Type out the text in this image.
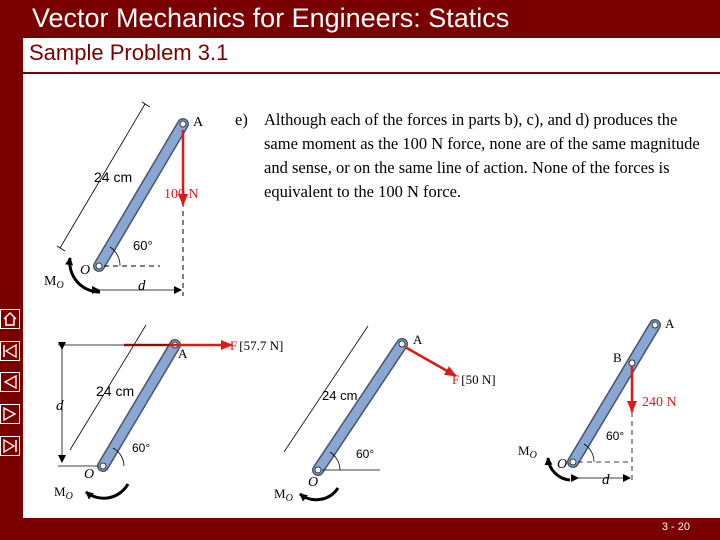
Vector Mechanics for Engineers: Statics
Sample Problem 3.1
A
24 cm
100 N
60°
O
$M_O$	d
F [57.7 N]
A
24 cm
60°
O
$M_O$
d
F [50 N]
A
24 cm
60°
O
$M_O$
A
B
240 N
60°
O
$M_O$
d
e) Although each of the forces in parts b), c), and d) produces the same moment as the 100 N force, none are of the same magnitude and sense, or on the same line of action. None of the forces is equivalent to the 100 N force.
3 - 20
